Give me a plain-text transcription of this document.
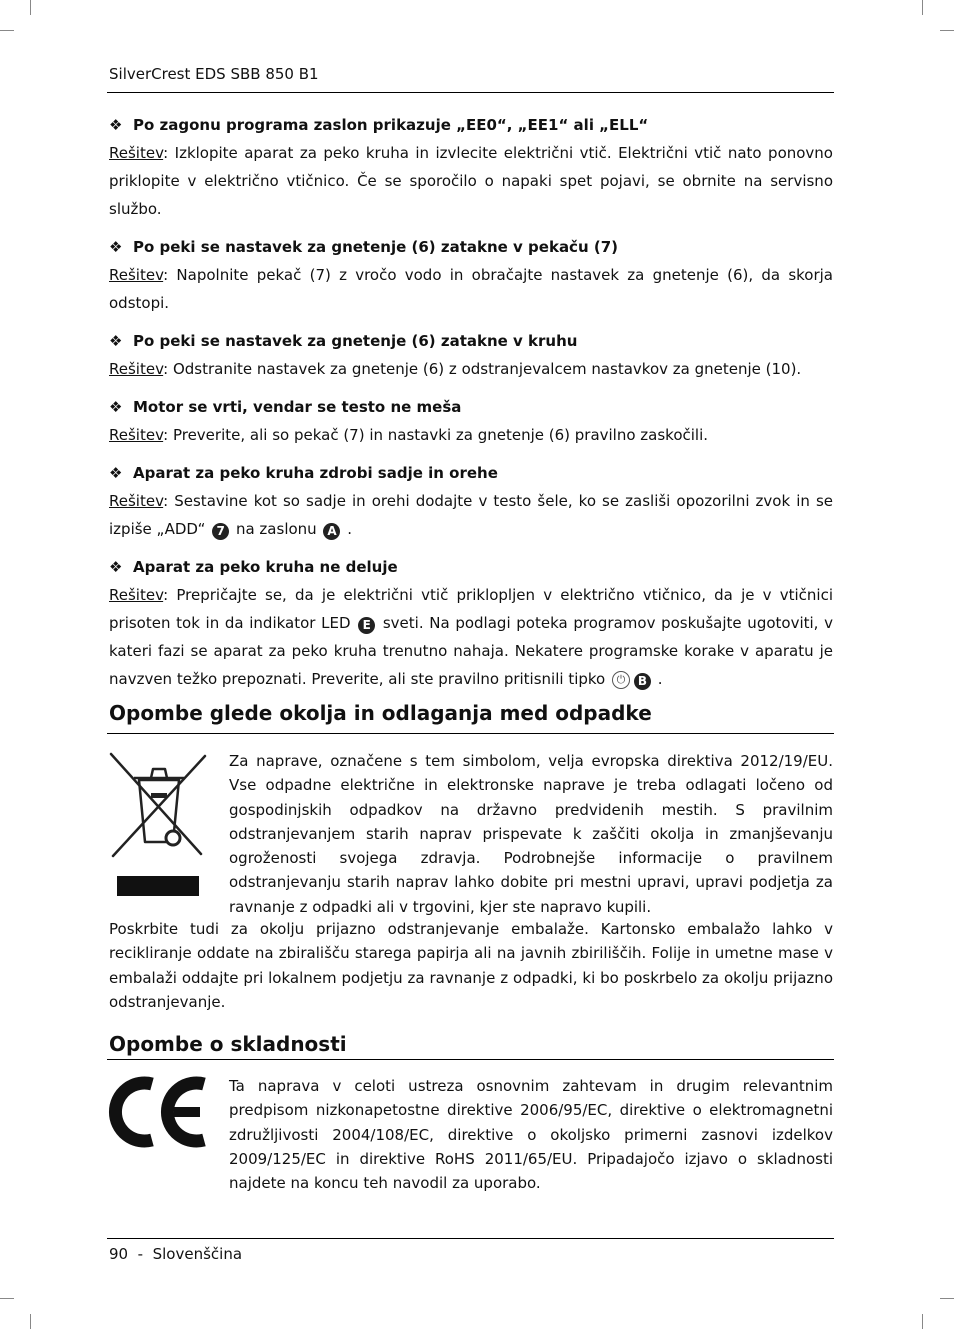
SilverCrest EDS SBB 850 B1
❖ Po zagonu programa zaslon prikazuje „EE0“, „EE1“ ali „ELL“
Rešitev: Izklopite aparat za peko kruha in izvlecite električni vtič. Električni vtič nato ponovno priklopite v električno vtičnico. Če se sporočilo o napaki spet pojavi, se obrnite na servisno službo.
❖ Po peki se nastavek za gnetenje (6) zatakne v pekaču (7)
Rešitev: Napolnite pekač (7) z vročo vodo in obračajte nastavek za gnetenje (6), da skorja odstopi.
❖ Po peki se nastavek za gnetenje (6) zatakne v kruhu
Rešitev: Odstranite nastavek za gnetenje (6) z odstranjevalcem nastavkov za gnetenje (10).
❖ Motor se vrti, vendar se testo ne meša
Rešitev: Preverite, ali so pekač (7) in nastavki za gnetenje (6) pravilno zaskočili.
❖ Aparat za peko kruha zdrobi sadje in orehe
Rešitev: Sestavine kot so sadje in orehi dodajte v testo šele, ko se zasliši opozorilni zvok in se izpiše „ADD“ 7 na zaslonu A .
❖ Aparat za peko kruha ne deluje
Rešitev: Prepričajte se, da je električni vtič priklopljen v električno vtičnico, da je v vtičnici prisoten tok in da indikator LED E sveti. Na podlagi poteka programov poskušajte ugotoviti, v kateri fazi se aparat za peko kruha trenutno nahaja. Nekatere programske korake v aparatu je navzven težko prepoznati. Preverite, ali ste pravilno pritisnili tipko ⏻ B .
Opombe glede okolja in odlaganja med odpadke
Za naprave, označene s tem simbolom, velja evropska direktiva 2012/19/EU. Vse odpadne električne in elektronske naprave je treba odlagati ločeno od gospodinjskih odpadkov na državno predvidenih mestih. S pravilnim odstranjevanjem starih naprav prispevate k zaščiti okolja in zmanjševanju ogroženosti svojega zdravja. Podrobnejše informacije o pravilnem odstranjevanju starih naprav lahko dobite pri mestni upravi, upravi podjetja za ravnanje z odpadki ali v trgovini, kjer ste napravo kupili.
Poskrbite tudi za okolju prijazno odstranjevanje embalaže. Kartonsko embalažo lahko v recikliranje oddate na zbirališču starega papirja ali na javnih zbiriliščih. Folije in umetne mase v embalaži oddajte pri lokalnem podjetju za ravnanje z odpadki, ki bo poskrbelo za okolju prijazno odstranjevanje.
Opombe o skladnosti
Ta naprava v celoti ustreza osnovnim zahtevam in drugim relevantnim predpisom nizkonapetostne direktive 2006/95/EC, direktive o elektromagnetni združljivosti 2004/108/EC, direktive o okoljsko primerni zasnovi izdelkov 2009/125/EC in direktive RoHS 2011/65/EU. Pripadajočo izjavo o skladnosti najdete na koncu teh navodil za uporabo.
90 - Slovenščina
